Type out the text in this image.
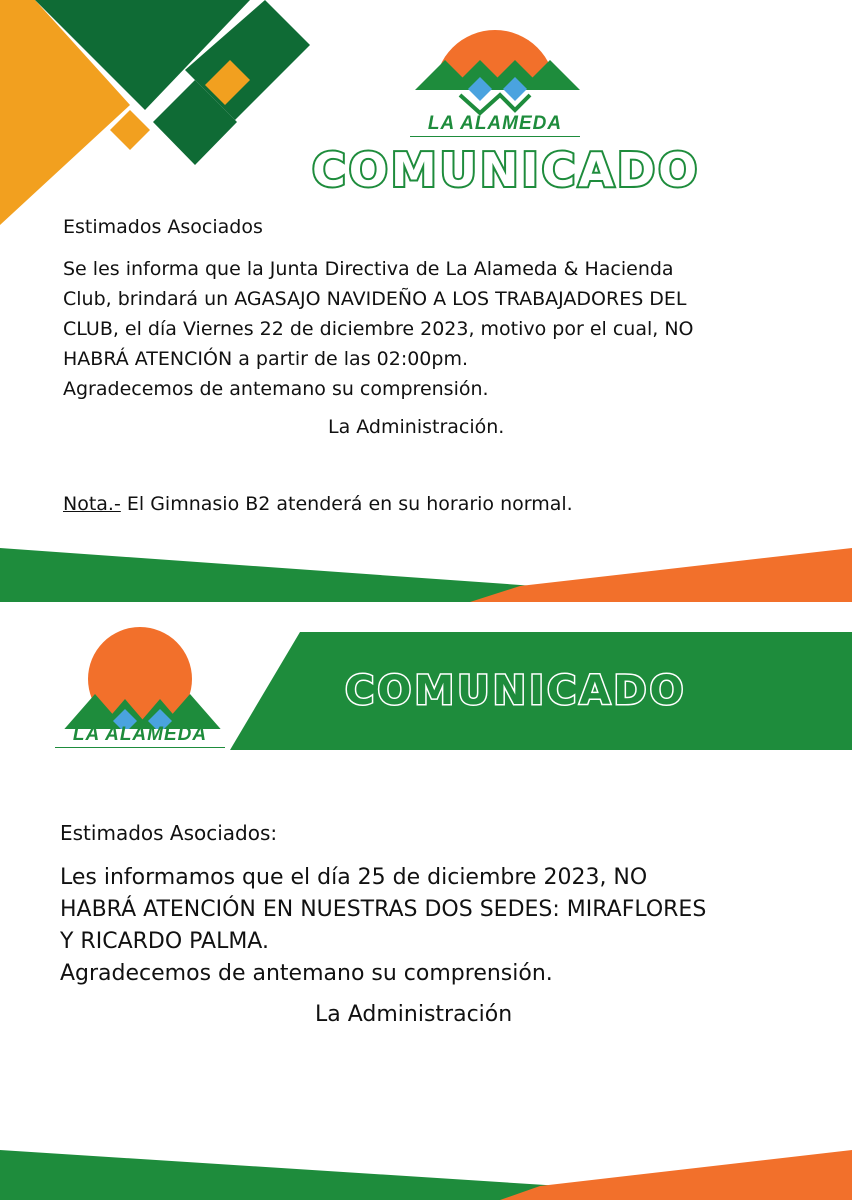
LA ALAMEDA
COMUNICADO
Estimados Asociados
Se les informa que la Junta Directiva de La Alameda & Hacienda
Club, brindará un AGASAJO NAVIDEÑO A LOS TRABAJADORES DEL
CLUB, el día Viernes 22 de diciembre 2023, motivo por el cual, NO
HABRÁ ATENCIÓN a partir de las 02:00pm.
Agradecemos de antemano su comprensión.
La Administración.
Nota.- El Gimnasio B2 atenderá en su horario normal.
LA ALAMEDA
COMUNICADO
Estimados Asociados:
Les informamos que el día 25 de diciembre 2023, NO
HABRÁ ATENCIÓN EN NUESTRAS DOS SEDES: MIRAFLORES
Y RICARDO PALMA.
Agradecemos de antemano su comprensión.
La Administración
